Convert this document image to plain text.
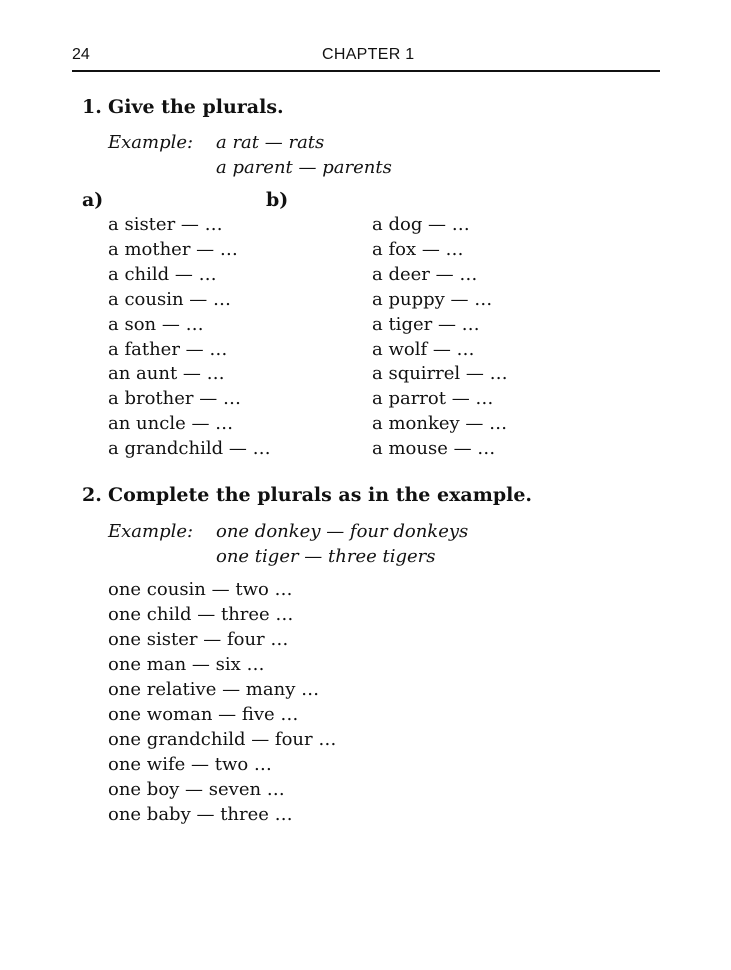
24	CHAPTER 1
1. Give the plurals.
Example: a rat — rats
a parent — parents
a)	b)
a sister — …
a mother — …
a child — …
a cousin — …
a son — …
a father — …
an aunt — …
a brother — …
an uncle — …
a grandchild — …
a dog — …
a fox — …
a deer — …
a puppy — …
a tiger — …
a wolf — …
a squirrel — …
a parrot — …
a monkey — …
a mouse — …
2. Complete the plurals as in the example.
Example: one donkey — four donkeys
one tiger — three tigers
one cousin — two …
one child — three …
one sister — four …
one man — six …
one relative — many …
one woman — five …
one grandchild — four …
one wife — two …
one boy — seven …
one baby — three …
